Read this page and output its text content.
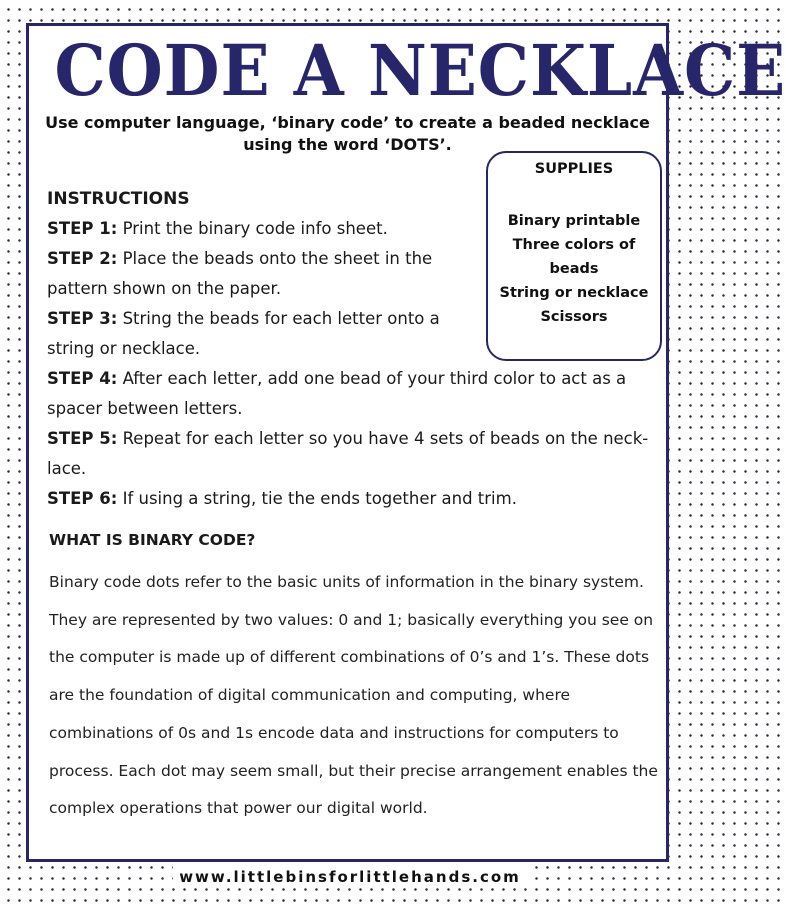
CODE A NECKLACE
Use computer language, ‘binary code’ to create a beaded necklace
using the word ‘DOTS’.
SUPPLIES
Binary printable
Three colors of
beads
String or necklace
Scissors
INSTRUCTIONS

STEP 1: Print the binary code info sheet.

STEP 2: Place the beads onto the sheet in the pattern shown on the paper.

STEP 3: String the beads for each letter onto a string or necklace.

STEP 4: After each letter, add one bead of your third color to act as a spacer between letters.

STEP 5: Repeat for each letter so you have 4 sets of beads on the neck-lace.

STEP 6: If using a string, tie the ends together and trim.

WHAT IS BINARY CODE?

Binary code dots refer to the basic units of information in the binary system. They are represented by two values: 0 and 1; basically everything you see on the computer is made up of different combinations of 0’s and 1’s. These dots are the foundation of digital communication and computing, where combinations of 0s and 1s encode data and instructions for computers to process. Each dot may seem small, but their precise arrangement enables the complex operations that power our digital world.

www.littlebinsforlittlehands.com
